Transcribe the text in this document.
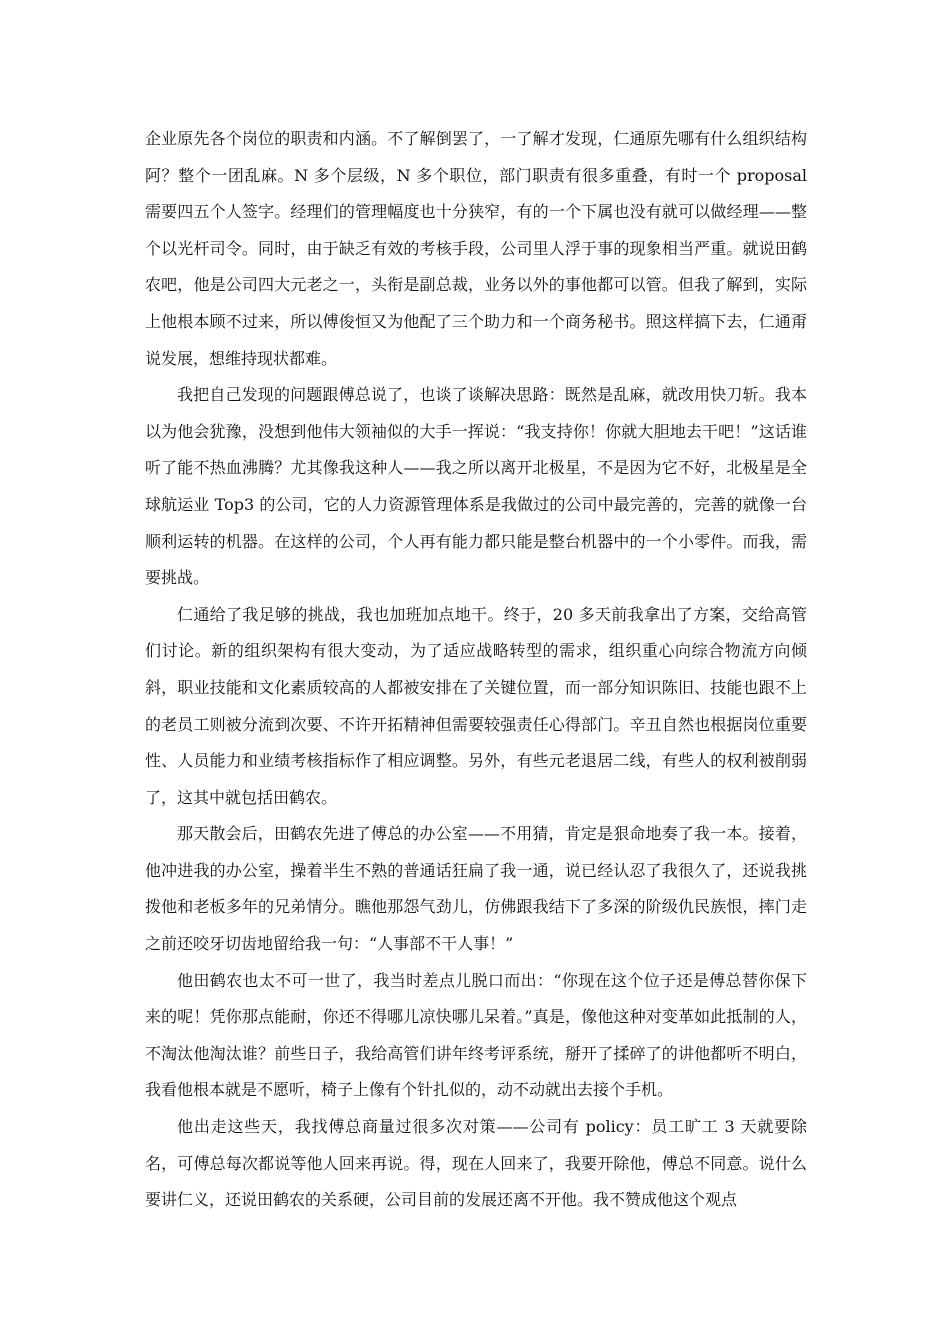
企业原先各个岗位的职责和内涵。不了解倒罢了，一了解才发现，仁通原先哪有什么组织结构阿？整个一团乱麻。N 多个层级，N 多个职位，部门职责有很多重叠，有时一个 proposal 需要四五个人签字。经理们的管理幅度也十分狭窄，有的一个下属也没有就可以做经理——整个以光杆司令。同时，由于缺乏有效的考核手段，公司里人浮于事的现象相当严重。就说田鹤农吧，他是公司四大元老之一，头衔是副总裁，业务以外的事他都可以管。但我了解到，实际上他根本顾不过来，所以傅俊恒又为他配了三个助力和一个商务秘书。照这样搞下去，仁通甭说发展，想维持现状都难。

我把自己发现的问题跟傅总说了，也谈了谈解决思路：既然是乱麻，就改用快刀斩。我本以为他会犹豫，没想到他伟大领袖似的大手一挥说：“我支持你！你就大胆地去干吧！”这话谁听了能不热血沸腾？尤其像我这种人——我之所以离开北极星，不是因为它不好，北极星是全球航运业 Top3 的公司，它的人力资源管理体系是我做过的公司中最完善的，完善的就像一台顺利运转的机器。在这样的公司，个人再有能力都只能是整台机器中的一个小零件。而我，需要挑战。

仁通给了我足够的挑战，我也加班加点地干。终于，20 多天前我拿出了方案，交给高管们讨论。新的组织架构有很大变动，为了适应战略转型的需求，组织重心向综合物流方向倾斜，职业技能和文化素质较高的人都被安排在了关键位置，而一部分知识陈旧、技能也跟不上的老员工则被分流到次要、不许开拓精神但需要较强责任心得部门。辛丑自然也根据岗位重要性、人员能力和业绩考核指标作了相应调整。另外，有些元老退居二线，有些人的权利被削弱了，这其中就包括田鹤农。

那天散会后，田鹤农先进了傅总的办公室——不用猜，肯定是狠命地奏了我一本。接着，他冲进我的办公室，操着半生不熟的普通话狂扁了我一通，说已经认忍了我很久了，还说我挑拨他和老板多年的兄弟情分。瞧他那怨气劲儿，仿佛跟我结下了多深的阶级仇民族恨，摔门走之前还咬牙切齿地留给我一句：“人事部不干人事！”

他田鹤农也太不可一世了，我当时差点儿脱口而出：“你现在这个位子还是傅总替你保下来的呢！凭你那点能耐，你还不得哪儿凉快哪儿呆着。”真是，像他这种对变革如此抵制的人，不淘汰他淘汰谁？前些日子，我给高管们讲年终考评系统，掰开了揉碎了的讲他都听不明白，我看他根本就是不愿听，椅子上像有个针扎似的，动不动就出去接个手机。

他出走这些天，我找傅总商量过很多次对策——公司有 policy：员工旷工 3 天就要除名，可傅总每次都说等他人回来再说。得，现在人回来了，我要开除他，傅总不同意。说什么要讲仁义，还说田鹤农的关系硬，公司目前的发展还离不开他。我不赞成他这个观点
